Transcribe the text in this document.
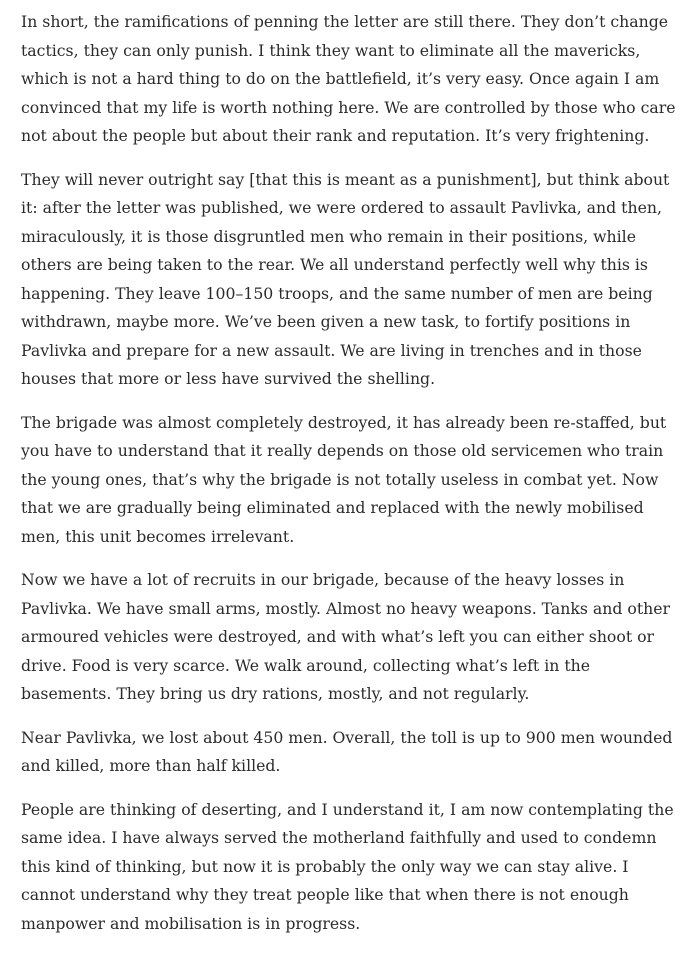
In short, the ramifications of penning the letter are still there. They don’t change tactics, they can only punish. I think they want to eliminate all the mavericks, which is not a hard thing to do on the battlefield, it’s very easy. Once again I am convinced that my life is worth nothing here. We are controlled by those who care not about the people but about their rank and reputation. It’s very frightening.

They will never outright say [that this is meant as a punishment], but think about it: after the letter was published, we were ordered to assault Pavlivka, and then, miraculously, it is those disgruntled men who remain in their positions, while others are being taken to the rear. We all understand perfectly well why this is happening. They leave 100–150 troops, and the same number of men are being withdrawn, maybe more. We’ve been given a new task, to fortify positions in Pavlivka and prepare for a new assault. We are living in trenches and in those houses that more or less have survived the shelling.

The brigade was almost completely destroyed, it has already been re-staffed, but you have to understand that it really depends on those old servicemen who train the young ones, that’s why the brigade is not totally useless in combat yet. Now that we are gradually being eliminated and replaced with the newly mobilised men, this unit becomes irrelevant.

Now we have a lot of recruits in our brigade, because of the heavy losses in Pavlivka. We have small arms, mostly. Almost no heavy weapons. Tanks and other armoured vehicles were destroyed, and with what’s left you can either shoot or drive. Food is very scarce. We walk around, collecting what’s left in the basements. They bring us dry rations, mostly, and not regularly.

Near Pavlivka, we lost about 450 men. Overall, the toll is up to 900 men wounded and killed, more than half killed.

People are thinking of deserting, and I understand it, I am now contemplating the same idea. I have always served the motherland faithfully and used to condemn this kind of thinking, but now it is probably the only way we can stay alive. I cannot understand why they treat people like that when there is not enough manpower and mobilisation is in progress.
